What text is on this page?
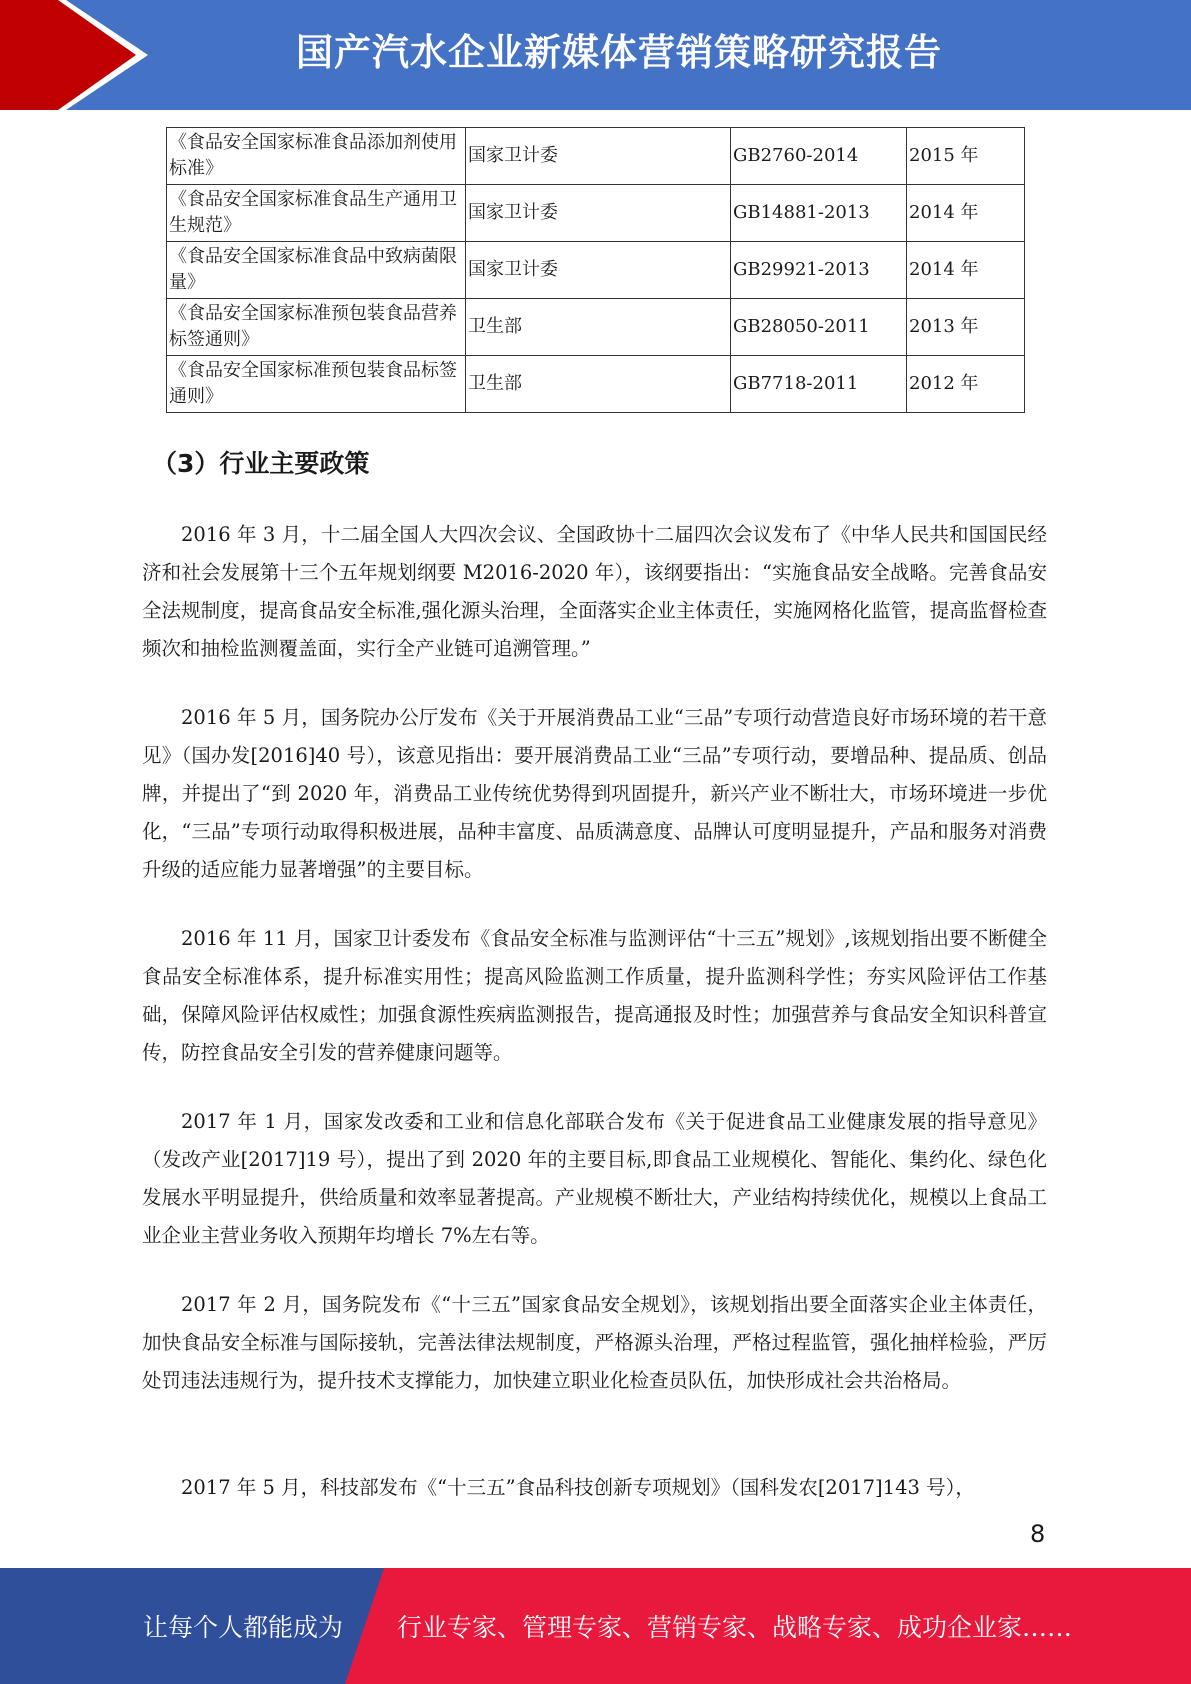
国产汽水企业新媒体营销策略研究报告
《食品安全国家标准食品添加剂使用标准》	国家卫计委	GB2760-2014	2015 年
《食品安全国家标准食品生产通用卫生规范》	国家卫计委	GB14881-2013	2014 年
《食品安全国家标准食品中致病菌限量》	国家卫计委	GB29921-2013	2014 年
《食品安全国家标准预包装食品营养标签通则》	卫生部	GB28050-2011	2013 年
《食品安全国家标准预包装食品标签通则》	卫生部	GB7718-2011	2012 年
（3）行业主要政策

2016 年 3 月，十二届全国人大四次会议、全国政协十二届四次会议发布了《中华人民共和国国民经济和社会发展第十三个五年规划纲要 M2016-2020 年），该纲要指出：“实施食品安全战略。完善食品安全法规制度，提高食品安全标准,强化源头治理，全面落实企业主体责任，实施网格化监管，提高监督检查频次和抽检监测覆盖面，实行全产业链可追溯管理。”

2016 年 5 月，国务院办公厅发布《关于开展消费品工业“三品”专项行动营造良好市场环境的若干意见》（国办发[2016]40 号），该意见指出：要开展消费品工业“三品”专项行动，要增品种、提品质、创品牌，并提出了“到 2020 年，消费品工业传统优势得到巩固提升，新兴产业不断壮大，市场环境进一步优化，“三品”专项行动取得积极进展，品种丰富度、品质满意度、品牌认可度明显提升，产品和服务对消费升级的适应能力显著增强”的主要目标。

2016 年 11 月，国家卫计委发布《食品安全标准与监测评估“十三五”规划》,该规划指出要不断健全食品安全标准体系，提升标准实用性；提高风险监测工作质量，提升监测科学性；夯实风险评估工作基础，保障风险评估权威性；加强食源性疾病监测报告，提高通报及时性；加强营养与食品安全知识科普宣传，防控食品安全引发的营养健康问题等。

2017 年 1 月，国家发改委和工业和信息化部联合发布《关于促进食品工业健康发展的指导意见》（发改产业[2017]19 号），提出了到 2020 年的主要目标,即食品工业规模化、智能化、集约化、绿色化发展水平明显提升，供给质量和效率显著提高。产业规模不断壮大，产业结构持续优化，规模以上食品工业企业主营业务收入预期年均增长 7%左右等。

2017 年 2 月，国务院发布《“十三五”国家食品安全规划》，该规划指出要全面落实企业主体责任，加快食品安全标准与国际接轨，完善法律法规制度，严格源头治理，严格过程监管，强化抽样检验，严厉处罚违法违规行为，提升技术支撑能力，加快建立职业化检查员队伍，加快形成社会共治格局。

2017 年 5 月，科技部发布《“十三五”食品科技创新专项规划》（国科发农[2017]143 号），

8
让每个人都能成为 行业专家、管理专家、营销专家、战略专家、成功企业家……
